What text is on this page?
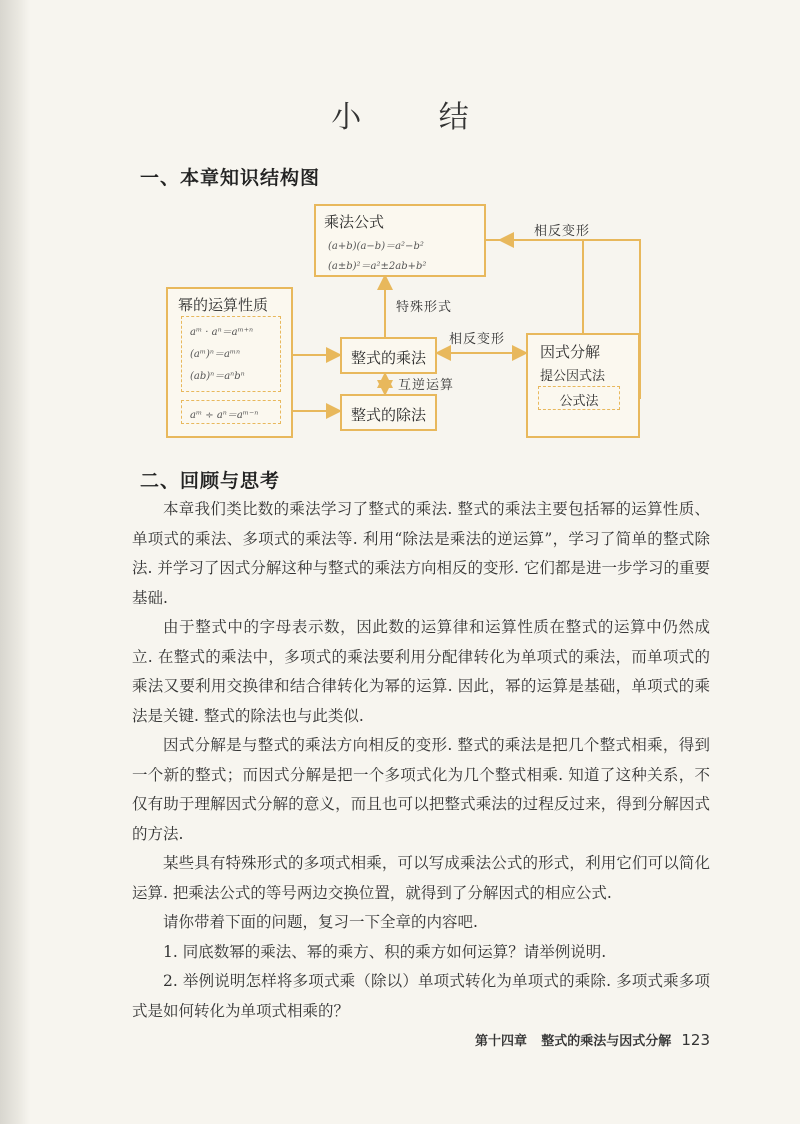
小 结
一、本章知识结构图
乘法公式
(a+b)(a−b)＝a²−b²
(a±b)²＝a²±2ab+b²
幂的运算性质
aᵐ · aⁿ＝aᵐ⁺ⁿ
(aᵐ)ⁿ＝aᵐⁿ
(ab)ⁿ＝aⁿbⁿ
aᵐ ÷ aⁿ＝aᵐ⁻ⁿ
整式的乘法
整式的除法
因式分解
提公因式法
公式法
特殊形式
相反变形
相反变形
互逆运算
二、回顾与思考

本章我们类比数的乘法学习了整式的乘法. 整式的乘法主要包括幂的运算性质、单项式的乘法、多项式的乘法等. 利用“除法是乘法的逆运算”，学习了简单的整式除法. 并学习了因式分解这种与整式的乘法方向相反的变形. 它们都是进一步学习的重要基础.

由于整式中的字母表示数，因此数的运算律和运算性质在整式的运算中仍然成立. 在整式的乘法中，多项式的乘法要利用分配律转化为单项式的乘法，而单项式的乘法又要利用交换律和结合律转化为幂的运算. 因此，幂的运算是基础，单项式的乘法是关键. 整式的除法也与此类似.

因式分解是与整式的乘法方向相反的变形. 整式的乘法是把几个整式相乘，得到一个新的整式；而因式分解是把一个多项式化为几个整式相乘. 知道了这种关系，不仅有助于理解因式分解的意义，而且也可以把整式乘法的过程反过来，得到分解因式的方法.

某些具有特殊形式的多项式相乘，可以写成乘法公式的形式，利用它们可以简化运算. 把乘法公式的等号两边交换位置，就得到了分解因式的相应公式.

请你带着下面的问题，复习一下全章的内容吧.

1. 同底数幂的乘法、幂的乘方、积的乘方如何运算？请举例说明.

2. 举例说明怎样将多项式乘（除以）单项式转化为单项式的乘除. 多项式乘多项式是如何转化为单项式相乘的？

第十四章 整式的乘法与因式分解 123
